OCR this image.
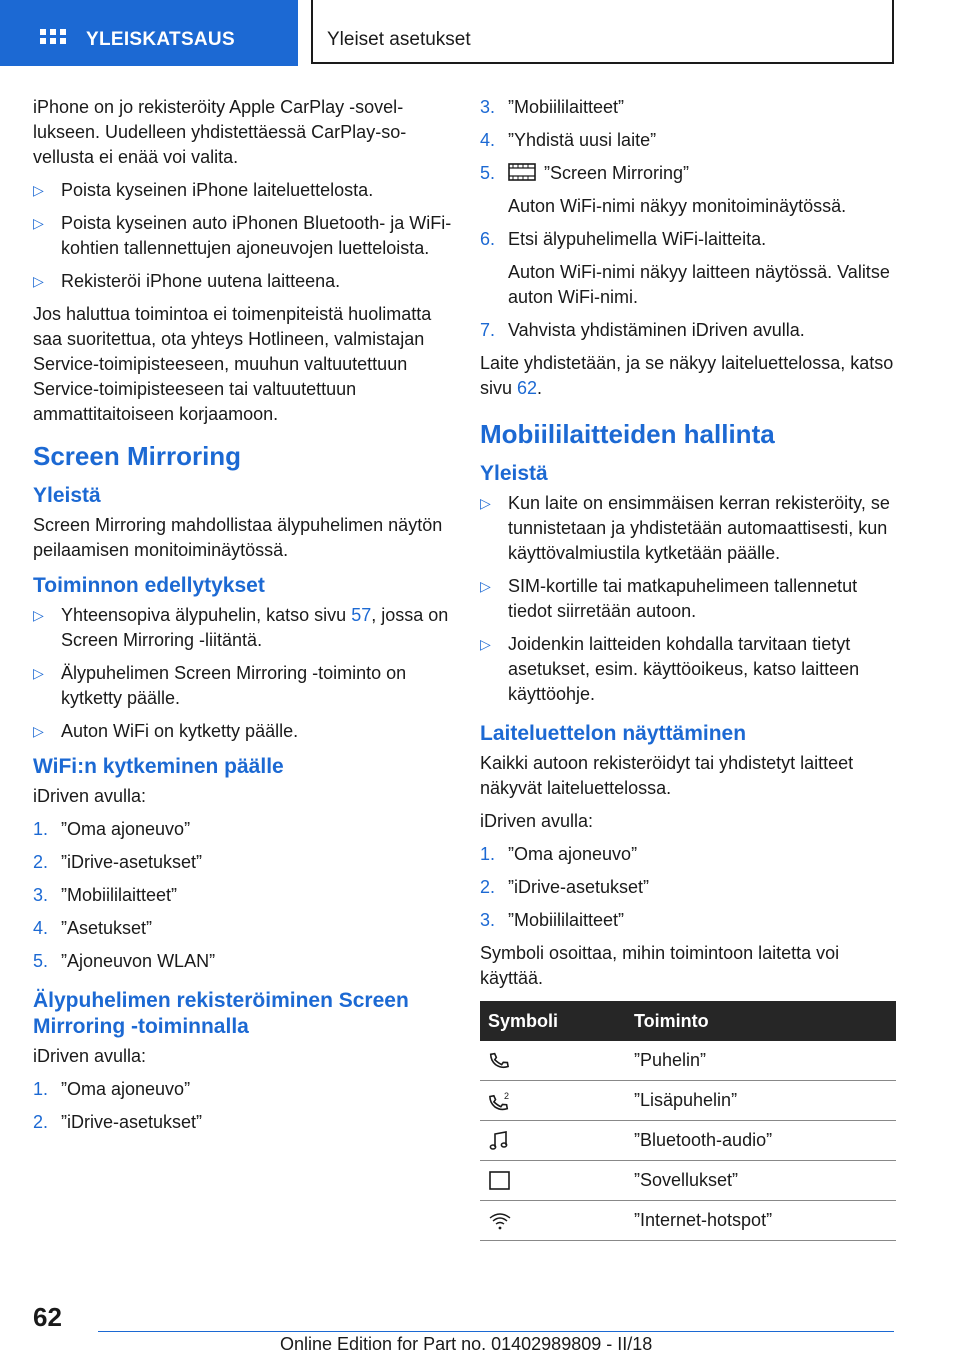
YLEISKATSAUS	Yleiset asetukset

iPhone on jo rekisteröity Apple CarPlay -sovellukseen. Uudelleen yhdistettäessä CarPlay-sovellusta ei enää voi valita.

▷ Poista kyseinen iPhone laiteluettelosta.
▷ Poista kyseinen auto iPhonen Bluetooth- ja WiFi-kohtien tallennettujen ajoneuvojen luetteloista.
▷ Rekisteröi iPhone uutena laitteena.

Jos haluttua toimintoa ei toimenpiteistä huolimatta saa suoritettua, ota yhteys Hotlineen, valmistajan Service-toimipisteeseen, muuhun valtuutettuun Service-toimipisteeseen tai valtuutettuun ammattitaitoiseen korjaamoon.

Screen Mirroring
Yleistä

Screen Mirroring mahdollistaa älypuhelimen näytön peilaamisen monitoiminäytössä.

Toiminnon edellytykset
▷ Yhteensopiva älypuhelin, katso sivu 57, jossa on Screen Mirroring -liitäntä.
▷ Älypuhelimen Screen Mirroring -toiminto on kytketty päälle.
▷ Auton WiFi on kytketty päälle.
WiFi:n kytkeminen päälle

iDriven avulla:

1. ”Oma ajoneuvo”
2. ”iDrive-asetukset”
3. ”Mobiililaitteet”
4. ”Asetukset”
5. ”Ajoneuvon WLAN”
Älypuhelimen rekisteröiminen Screen Mirroring -toiminnalla

iDriven avulla:

1. ”Oma ajoneuvo”
2. ”iDrive-asetukset”
3. ”Mobiililaitteet”
4. ”Yhdistä uusi laite”
5.	”Screen Mirroring”
Auton WiFi-nimi näkyy monitoiminäytössä.
6. Etsi älypuhelimella WiFi-laitteita.
Auton WiFi-nimi näkyy laitteen näytössä. Valitse auton WiFi-nimi.
7. Vahvista yhdistäminen iDriven avulla.

Laite yhdistetään, ja se näkyy laiteluettelossa, katso sivu 62.

Mobiililaitteiden hallinta
Yleistä
▷ Kun laite on ensimmäisen kerran rekisteröity, se tunnistetaan ja yhdistetään automaattisesti, kun käyttövalmiustila kytketään päälle.
▷ SIM-kortille tai matkapuhelimeen tallennetut tiedot siirretään autoon.
▷ Joidenkin laitteiden kohdalla tarvitaan tietyt asetukset, esim. käyttöoikeus, katso laitteen käyttöohje.
Laiteluettelon näyttäminen

Kaikki autoon rekisteröidyt tai yhdistetyt laitteet näkyvät laiteluettelossa.

iDriven avulla:

1. ”Oma ajoneuvo”
2. ”iDrive-asetukset”
3. ”Mobiililaitteet”

Symboli osoittaa, mihin toimintoon laitetta voi käyttää.

Symboli	Toiminto

	”Puhelin”

2	”Lisäpuhelin”

	”Bluetooth-audio”

	”Sovellukset”

	”Internet-hotspot”
62
Online Edition for Part no. 01402989809 - II/18
